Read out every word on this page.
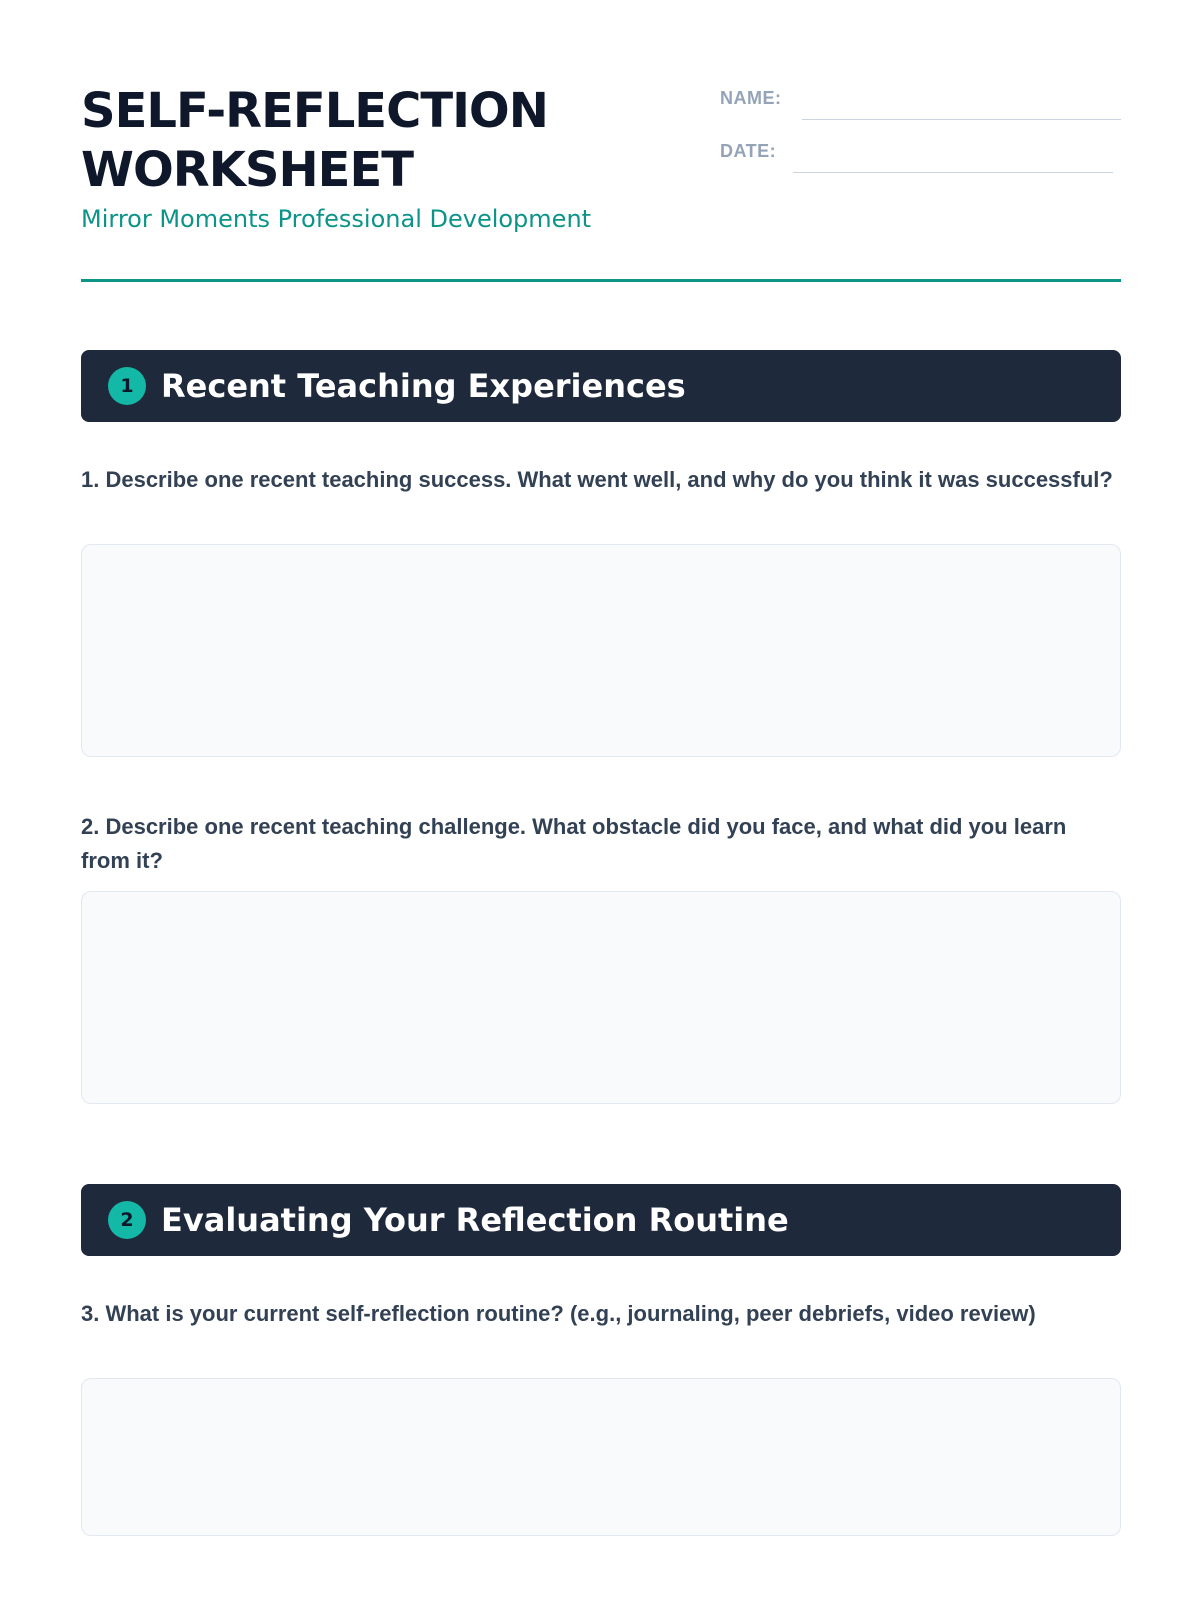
SELF-REFLECTION
WORKSHEET
Mirror Moments Professional Development
NAME:
DATE:
1 Recent Teaching Experiences
1. Describe one recent teaching success. What went well, and why do you think it was successful?
2. Describe one recent teaching challenge. What obstacle did you face, and what did you learn from it?
2 Evaluating Your Reflection Routine
3. What is your current self-reflection routine? (e.g., journaling, peer debriefs, video review)
